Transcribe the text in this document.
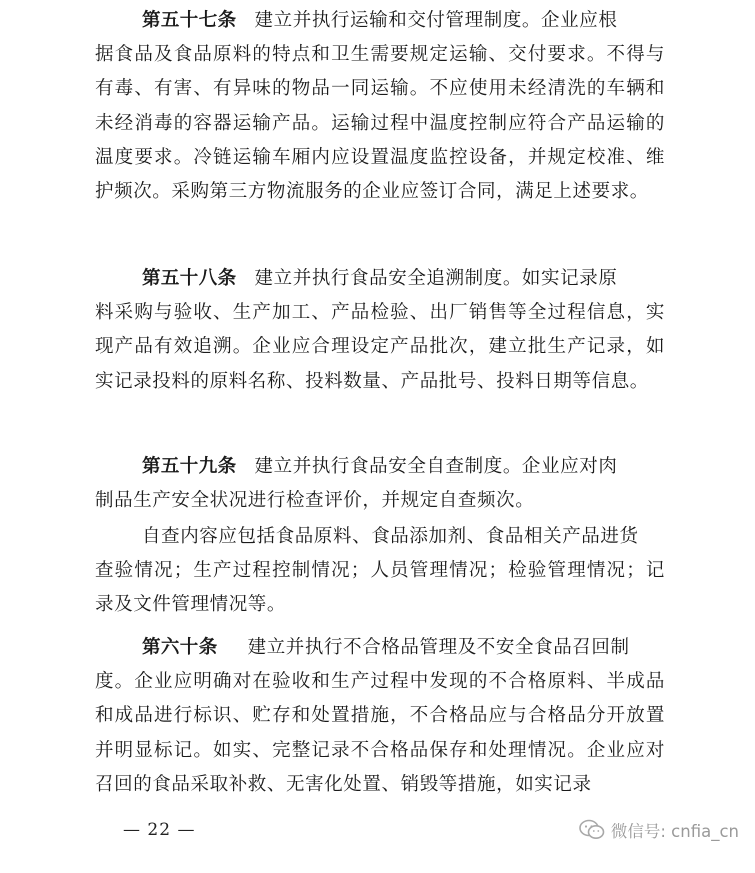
第五十七条 建立并执行运输和交付管理制度。企业应根
据食品及食品原料的特点和卫生需要规定运输、交付要求。不得与有毒、有害、有异味的物品一同运输。不应使用未经清洗的车辆和未经消毒的容器运输产品。运输过程中温度控制应符合产品运输的温度要求。冷链运输车厢内应设置温度监控设备，并规定校准、维护频次。采购第三方物流服务的企业应签订合同，满足上述要求。
第五十八条 建立并执行食品安全追溯制度。如实记录原
料采购与验收、生产加工、产品检验、出厂销售等全过程信息，实现产品有效追溯。企业应合理设定产品批次，建立批生产记录，如实记录投料的原料名称、投料数量、产品批号、投料日期等信息。
第五十九条 建立并执行食品安全自查制度。企业应对肉
制品生产安全状况进行检查评价，并规定自查频次。
自查内容应包括食品原料、食品添加剂、食品相关产品进货
查验情况；生产过程控制情况；人员管理情况；检验管理情况；记录及文件管理情况等。
第六十条 建立并执行不合格品管理及不安全食品召回制
度。企业应明确对在验收和生产过程中发现的不合格原料、半成品和成品进行标识、贮存和处置措施，不合格品应与合格品分开放置并明显标记。如实、完整记录不合格品保存和处理情况。企业应对召回的食品采取补救、无害化处置、销毁等措施，如实记录
— 22 —	微信号: cnfia_cn
